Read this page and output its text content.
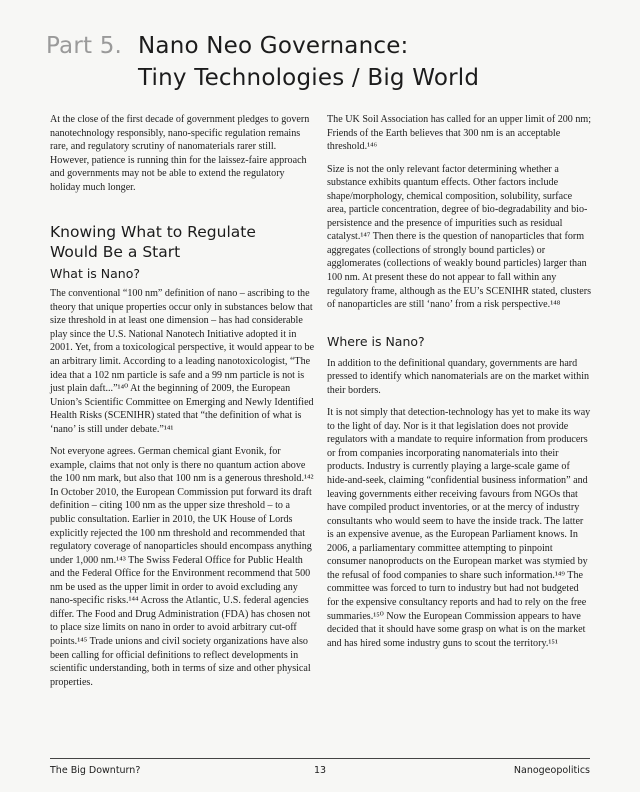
Part 5. Nano Neo Governance:
Tiny Technologies / Big World

At the close of the first decade of government pledges to govern nanotechnology responsibly, nano-specific regulation remains rare, and regulatory scrutiny of nanomaterials rarer still. However, patience is running thin for the laissez-faire approach and governments may not be able to extend the regulatory holiday much longer.

Knowing What to Regulate
Would Be a Start
What is Nano?

The conventional “100 nm” definition of nano – ascribing to the theory that unique properties occur only in substances below that size threshold in at least one dimension – has had considerable play since the U.S. National Nanotech Initiative adopted it in 2001. Yet, from a toxicological perspective, it would appear to be an arbitrary limit. According to a leading nanotoxicologist, “The idea that a 102 nm particle is safe and a 99 nm particle is not is just plain daft...”¹⁴⁰ At the beginning of 2009, the European Union’s Scientific Committee on Emerging and Newly Identified Health Risks (SCENIHR) stated that “the definition of what is ‘nano’ is still under debate.”¹⁴¹

Not everyone agrees. German chemical giant Evonik, for example, claims that not only is there no quantum action above the 100 nm mark, but also that 100 nm is a generous threshold.¹⁴² In October 2010, the European Commission put forward its draft definition – citing 100 nm as the upper size threshold – to a public consultation. Earlier in 2010, the UK House of Lords explicitly rejected the 100 nm threshold and recommended that regulatory coverage of nanoparticles should encompass anything under 1,000 nm.¹⁴³ The Swiss Federal Office for Public Health and the Federal Office for the Environment recommend that 500 nm be used as the upper limit in order to avoid excluding any nano-specific risks.¹⁴⁴ Across the Atlantic, U.S. federal agencies differ. The Food and Drug Administration (FDA) has chosen not to place size limits on nano in order to avoid arbitrary cut-off points.¹⁴⁵ Trade unions and civil society organizations have also been calling for official definitions to reflect developments in scientific understanding, both in terms of size and other physical properties.

The UK Soil Association has called for an upper limit of 200 nm; Friends of the Earth believes that 300 nm is an acceptable threshold.¹⁴⁶

Size is not the only relevant factor determining whether a substance exhibits quantum effects. Other factors include shape/morphology, chemical composition, solubility, surface area, particle concentration, degree of bio-degradability and bio-persistence and the presence of impurities such as residual catalyst.¹⁴⁷ Then there is the question of nanoparticles that form aggregates (collections of strongly bound particles) or agglomerates (collections of weakly bound particles) larger than 100 nm. At present these do not appear to fall within any regulatory frame, although as the EU’s SCENIHR stated, clusters of nanoparticles are still ‘nano’ from a risk perspective.¹⁴⁸

Where is Nano?

In addition to the definitional quandary, governments are hard pressed to identify which nanomaterials are on the market within their borders.

It is not simply that detection-technology has yet to make its way to the light of day. Nor is it that legislation does not provide regulators with a mandate to require information from producers or from companies incorporating nanomaterials into their products. Industry is currently playing a large-scale game of hide-and-seek, claiming “confidential business information” and leaving governments either receiving favours from NGOs that have compiled product inventories, or at the mercy of industry consultants who would seem to have the inside track. The latter is an expensive avenue, as the European Parliament knows. In 2006, a parliamentary committee attempting to pinpoint consumer nanoproducts on the European market was stymied by the refusal of food companies to share such information.¹⁴⁹ The committee was forced to turn to industry but had not budgeted for the expensive consultancy reports and had to rely on the free summaries.¹⁵⁰ Now the European Commission appears to have decided that it should have some grasp on what is on the market and has hired some industry guns to scout the territory.¹⁵¹

The Big Downturn?	13	Nanogeopolitics
